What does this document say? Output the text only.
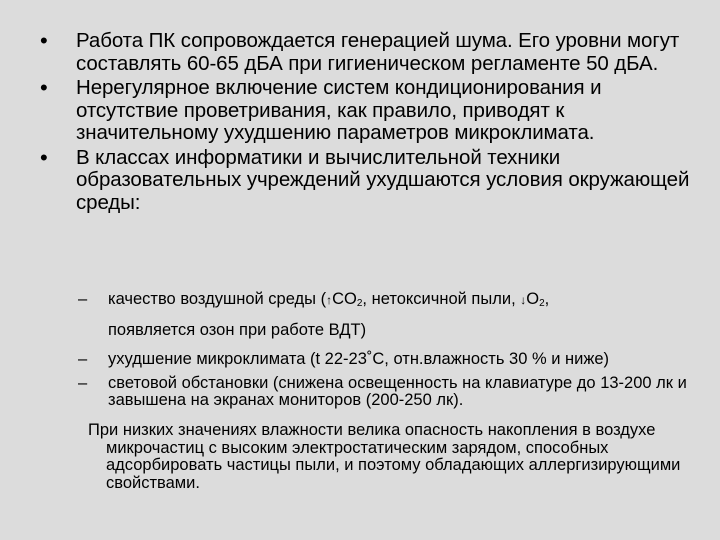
• Работа ПК сопровождается генерацией шума. Его уровни могут составлять 60-65 дБА при гигиеническом регламенте 50 дБА.
• Нерегулярное включение систем кондиционирования и отсутствие проветривания, как правило, приводят к значительному ухудшению параметров микроклимата.
• В классах информатики и вычислительной техники образовательных учреждений ухудшаются условия окружающей среды:
– качество воздушной среды ($↑CO_2$, нетоксичной пыли, $↓O_2$,
появляется озон при работе ВДТ)
– ухудшение микроклимата (t 22-23˚С, отн.влажность 30 % и ниже)
– световой обстановки (снижена освещенность на клавиатуре до 13-200 лк и завышена на экранах мониторов (200-250 лк).
При низких значениях влажности велика опасность накопления в воздухе микрочастиц с высоким электростатическим зарядом, способных адсорбировать частицы пыли, и поэтому обладающих аллергизирующими свойствами.
